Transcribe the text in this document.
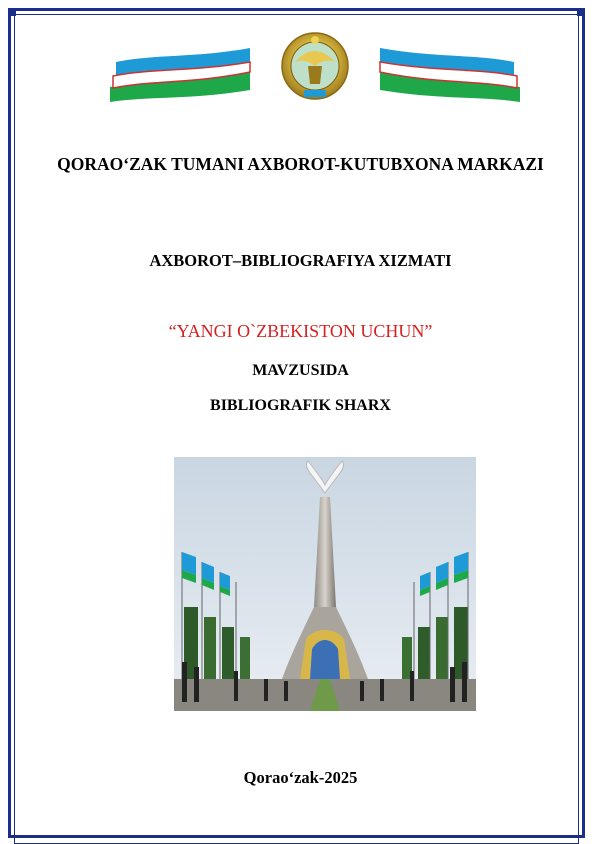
QORAO‘ZAK TUMANI AXBOROT-KUTUBXONA MARKAZI
AXBOROT–BIBLIOGRAFIYA XIZMATI
“YANGI O`ZBEKISTON UCHUN”
MAVZUSIDA
BIBLIOGRAFIK SHARX
Qorao‘zak-2025
